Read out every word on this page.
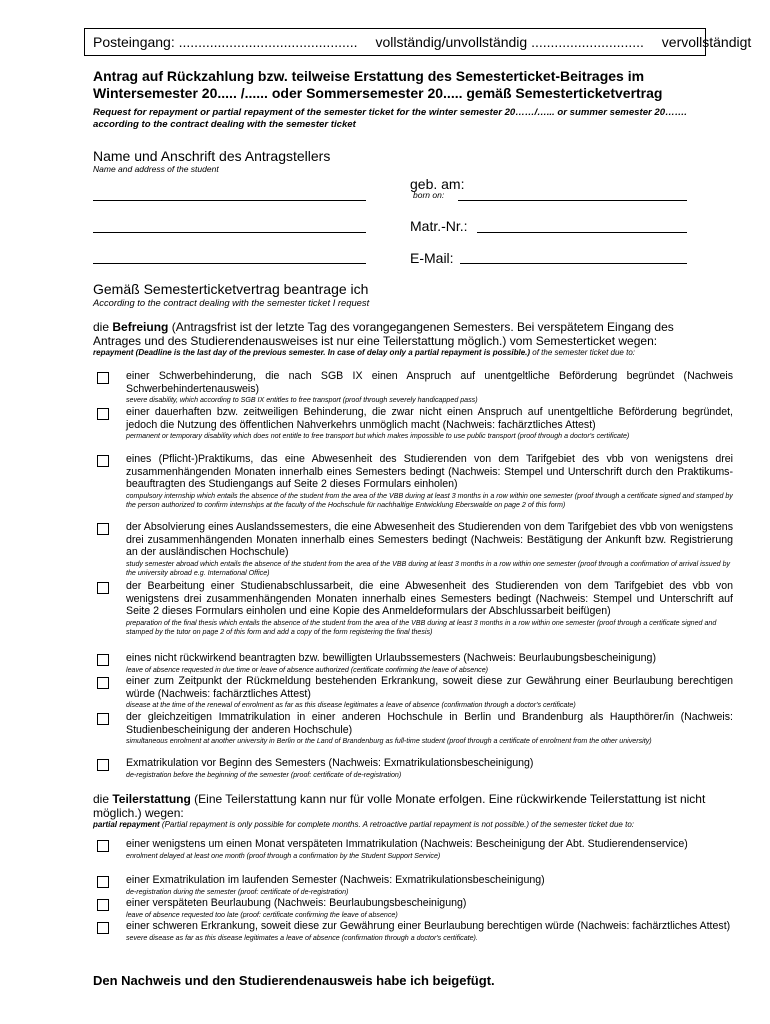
Posteingang: .............................................. vollständig/unvollständig ............................. vervollständigt
Antrag auf Rückzahlung bzw. teilweise Erstattung des Semesterticket-Beitrages im Wintersemester 20..... /...... oder Sommersemester 20..... gemäß Semesterticketvertrag
Request for repayment or partial repayment of the semester ticket for the winter semester 20……/…... or summer semester 20……. according to the contract dealing with the semester ticket
Name und Anschrift des Antragstellers
Name and address of the student
geb. am:
born on:
Matr.-Nr.:
E-Mail:
Gemäß Semesterticketvertrag beantrage ich
According to the contract dealing with the semester ticket I request
die Befreiung (Antragsfrist ist der letzte Tag des vorangegangenen Semesters. Bei verspätetem Eingang des Antrages und des Studierendenausweises ist nur eine Teilerstattung möglich.) vom Semesterticket wegen:
repayment (Deadline is the last day of the previous semester. In case of delay only a partial repayment is possible.) of the semester ticket due to:
einer Schwerbehinderung, die nach SGB IX einen Anspruch auf unentgeltliche Beförderung begründet (Nachweis Schwerbehindertenausweis)
severe disability, which according to SGB IX entitles to free transport (proof through severely handicapped pass)
einer dauerhaften bzw. zeitweiligen Behinderung, die zwar nicht einen Anspruch auf unentgeltliche Beförderung begründet, jedoch die Nutzung des öffentlichen Nahverkehrs unmöglich macht (Nachweis: fachärztliches Attest)
permanent or temporary disability which does not entitle to free transport but which makes impossible to use public transport (proof through a doctor's certificate)
eines (Pflicht-)Praktikums, das eine Abwesenheit des Studierenden von dem Tarifgebiet des vbb von wenigstens drei zusammenhängenden Monaten innerhalb eines Semesters bedingt (Nachweis: Stempel und Unterschrift durch den Praktikums-beauftragten des Studiengangs auf Seite 2 dieses Formulars einholen)
compulsory internship which entails the absence of the student from the area of the VBB during at least 3 months in a row within one semester (proof through a certificate signed and stamped by the person authorized to confirm internships at the faculty of the Hochschule für nachhaltige Entwicklung Eberswalde on page 2 of this form)
der Absolvierung eines Auslandssemesters, die eine Abwesenheit des Studierenden von dem Tarifgebiet des vbb von wenigstens drei zusammenhängenden Monaten innerhalb eines Semesters bedingt (Nachweis: Bestätigung der Ankunft bzw. Registrierung an der ausländischen Hochschule)
study semester abroad which entails the absence of the student from the area of the VBB during at least 3 months in a row within one semester (proof through a confirmation of arrival issued by the university abroad e.g. International Office)
der Bearbeitung einer Studienabschlussarbeit, die eine Abwesenheit des Studierenden von dem Tarifgebiet des vbb von wenigstens drei zusammenhängenden Monaten innerhalb eines Semesters bedingt (Nachweis: Stempel und Unterschrift auf Seite 2 dieses Formulars einholen und eine Kopie des Anmeldeformulars der Abschlussarbeit beifügen)
preparation of the final thesis which entails the absence of the student from the area of the VBB during at least 3 months in a row within one semester (proof through a certificate signed and stamped by the tutor on page 2 of this form and add a copy of the form registering the final thesis)
eines nicht rückwirkend beantragten bzw. bewilligten Urlaubssemesters (Nachweis: Beurlaubungsbescheinigung)
leave of absence requested in due time or leave of absence authorized (certificate confirming the leave of absence)
einer zum Zeitpunkt der Rückmeldung bestehenden Erkrankung, soweit diese zur Gewährung einer Beurlaubung berechtigen würde (Nachweis: fachärztliches Attest)
disease at the time of the renewal of enrolment as far as this disease legitimates a leave of absence (confirmation through a doctor's certificate)
der gleichzeitigen Immatrikulation in einer anderen Hochschule in Berlin und Brandenburg als Haupthörer/in (Nachweis: Studienbescheinigung der anderen Hochschule)
simultaneous enrolment at another university in Berlin or the Land of Brandenburg as full-time student (proof through a certificate of enrolment from the other university)
Exmatrikulation vor Beginn des Semesters (Nachweis: Exmatrikulationsbescheinigung)
de-registration before the beginning of the semester (proof: certificate of de-registration)
die Teilerstattung (Eine Teilerstattung kann nur für volle Monate erfolgen. Eine rückwirkende Teilerstattung ist nicht möglich.) wegen:
partial repayment (Partial repayment is only possible for complete months. A retroactive partial repayment is not possible.) of the semester ticket due to:
einer wenigstens um einen Monat verspäteten Immatrikulation (Nachweis: Bescheinigung der Abt. Studierendenservice)
enrolment delayed at least one month (proof through a confirmation by the Student Support Service)
einer Exmatrikulation im laufenden Semester (Nachweis: Exmatrikulationsbescheinigung)
de-registration during the semester (proof: certificate of de-registration)
einer verspäteten Beurlaubung (Nachweis: Beurlaubungsbescheinigung)
leave of absence requested too late (proof: certificate confirming the leave of absence)
einer schweren Erkrankung, soweit diese zur Gewährung einer Beurlaubung berechtigen würde (Nachweis: fachärztliches Attest)
severe disease as far as this disease legitimates a leave of absence (confirmation through a doctor's certificate).
Den Nachweis und den Studierendenausweis habe ich beigefügt.
